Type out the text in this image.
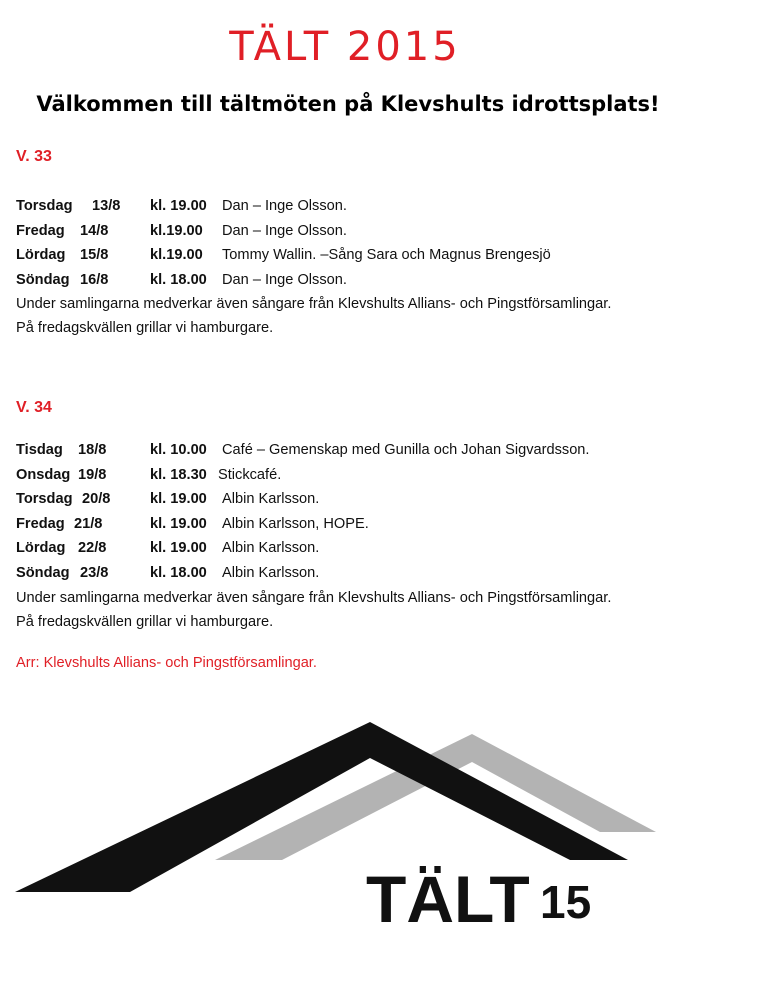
TÄLT 2015
Välkommen till tältmöten på Klevshults idrottsplats!
V. 33
Torsdag 13/8 kl. 19.00 Dan – Inge Olsson.
Fredag 14/8	kl.19.00 Dan – Inge Olsson.
Lördag 15/8	kl.19.00 Tommy Wallin. –Sång Sara och Magnus Brengesjö
Söndag 16/8	kl. 18.00 Dan – Inge Olsson.
Under samlingarna medverkar även sångare från Klevshults Allians- och Pingstförsamlingar.
På fredagskvällen grillar vi hamburgare.
V. 34
Tisdag 18/8	kl. 10.00 Café – Gemenskap med Gunilla och Johan Sigvardsson.
Onsdag 19/8	kl. 18.30 Stickcafé.
Torsdag 20/8	kl. 19.00 Albin Karlsson.
Fredag 21/8	kl. 19.00 Albin Karlsson, HOPE.
Lördag 22/8	kl. 19.00 Albin Karlsson.
Söndag 23/8	kl. 18.00 Albin Karlsson.
Under samlingarna medverkar även sångare från Klevshults Allians- och Pingstförsamlingar.
På fredagskvällen grillar vi hamburgare.
Arr: Klevshults Allians- och Pingstförsamlingar.
TÄLT 15
